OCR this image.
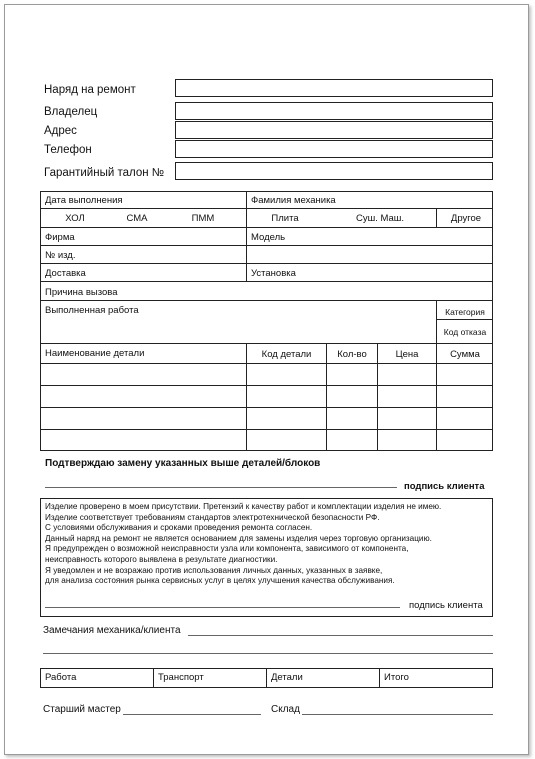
Наряд на ремонт
Владелец
Адрес
Телефон
Гарантийный талон №
Дата выполнения	Фамилия механика
ХОЛ	СМА	ПММ	Плита	Суш. Маш.	Другое
Фирма	Модель
№ изд.
Доставка	Установка
Причина вызова
Выполненная работа	Категория
Код отказа
Наименование детали	Код детали	Кол-во	Цена	Сумма
Подтверждаю замену указанных выше деталей/блоков
подпись клиента
Изделие проверено в моем присутствии. Претензий к качеству работ и комплектации изделия не имею.
Изделие соответствует требованиям стандартов электротехнической безопасности РФ.
С условиями обслуживания и сроками проведения ремонта согласен.
Данный наряд на ремонт не является основанием для замены изделия через торговую организацию.
Я предупрежден о возможной неисправности узла или компонента, зависимого от компонента,
неисправность которого выявлена в результате диагностики.
Я уведомлен и не возражаю против использования личных данных, указанных в заявке,
для анализа состояния рынка сервисных услуг в целях улучшения качества обслуживания.
подпись клиента
Замечания механика/клиента
Работа	Транспорт	Детали	Итого
Старший мастер	Склад
